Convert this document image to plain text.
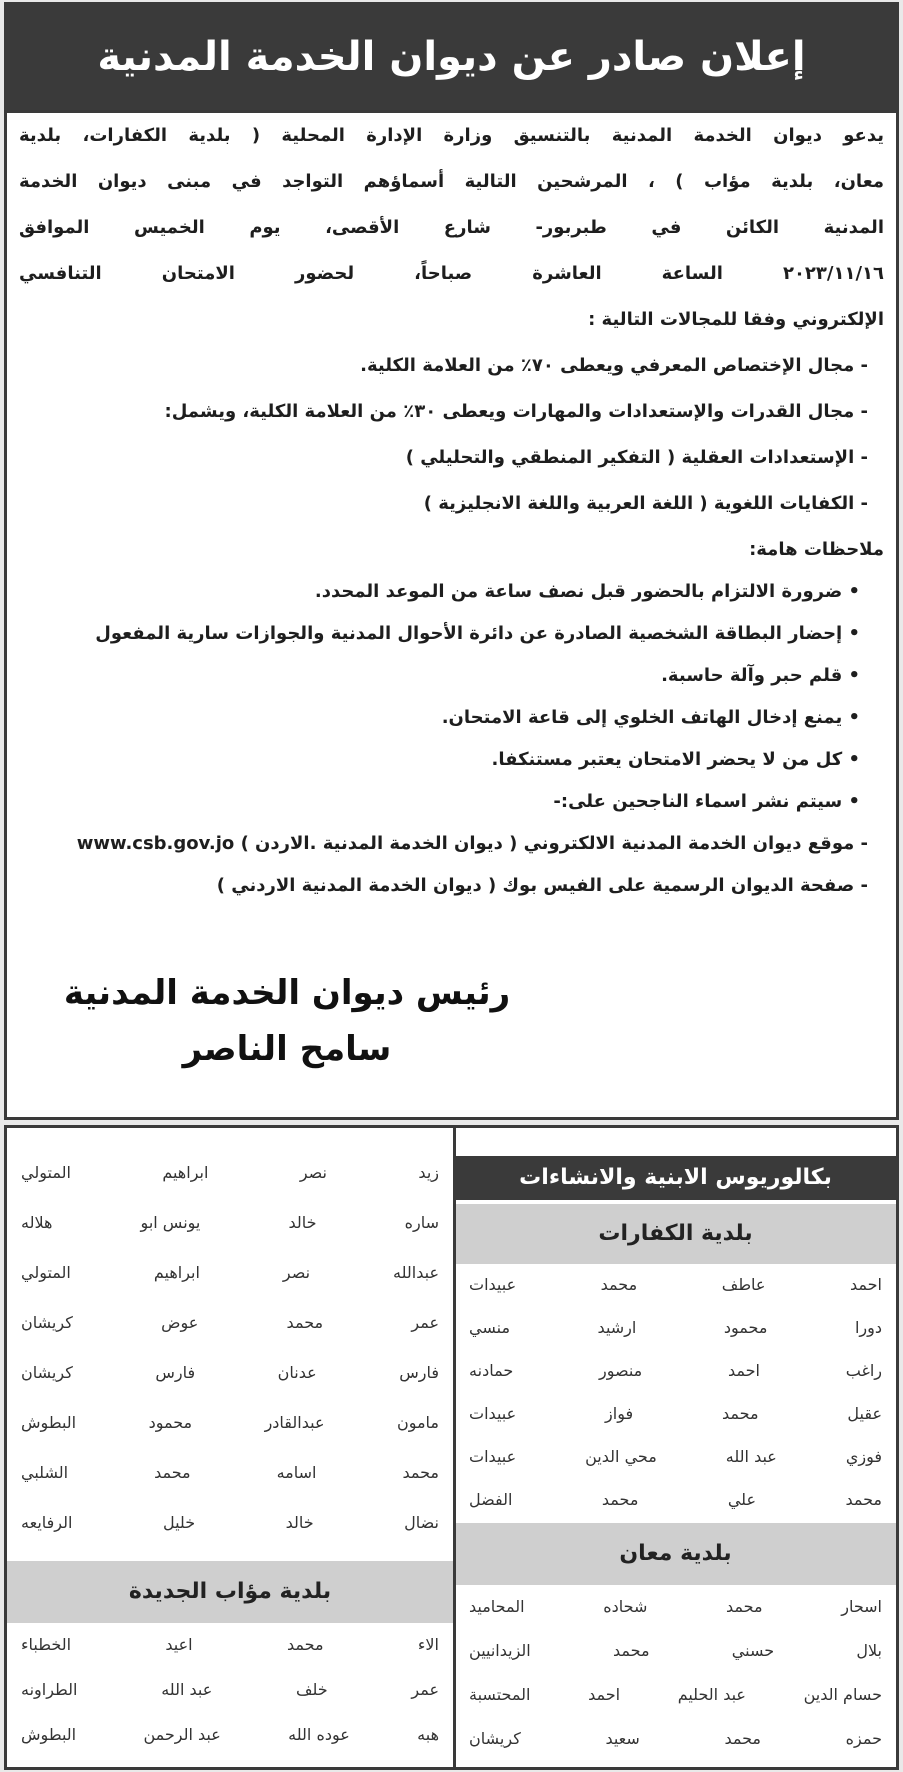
إعلان صادر عن ديوان الخدمة المدنية
يدعو ديوان الخدمة المدنية بالتنسيق وزارة الإدارة المحلية ( بلدية الكفارات، بلدية
معان، بلدية مؤاب ) ، المرشحين التالية أسماؤهم التواجد في مبنى ديوان الخدمة
المدنية الكائن في طبربور- شارع الأقصى، يوم الخميس الموافق
٢٠٢٣/١١/١٦ الساعة العاشرة صباحاً، لحضور الامتحان التنافسي
الإلكتروني وفقا للمجالات التالية :
- مجال الإختصاص المعرفي ويعطى ٧٠٪ من العلامة الكلية.
- مجال القدرات والإستعدادات والمهارات ويعطى ٣٠٪ من العلامة الكلية، ويشمل:
- الإستعدادات العقلية ( التفكير المنطقي والتحليلي )
- الكفايات اللغوية ( اللغة العربية واللغة الانجليزية )
ملاحظات هامة:
• ضرورة الالتزام بالحضور قبل نصف ساعة من الموعد المحدد.
• إحضار البطاقة الشخصية الصادرة عن دائرة الأحوال المدنية والجوازات سارية المفعول
• قلم حبر وآلة حاسبة.
• يمنع إدخال الهاتف الخلوي إلى قاعة الامتحان.
• كل من لا يحضر الامتحان يعتبر مستنكفا.
• سيتم نشر اسماء الناجحين على:-
- موقع ديوان الخدمة المدنية الالكتروني ( ديوان الخدمة المدنية .الاردن ) www.csb.gov.jo
- صفحة الديوان الرسمية على الفيس بوك ( ديوان الخدمة المدنية الاردني )
رئيس ديوان الخدمة المدنية
سامح الناصر
بكالوريوس الابنية والانشاءات
بلدية الكفارات
احمد
عاطف
محمد
عبيدات
دورا
محمود
ارشيد
منسي
راغب
احمد
منصور
حمادنه
عقيل
محمد
فواز
عبيدات
فوزي
عبد الله
محي الدين
عبيدات
محمد
علي
محمد
الفضل
بلدية معان
اسحار
محمد
شحاده
المحاميد
بلال
حسني
محمد
الزيدانيين
حسام الدين
عبد الحليم
احمد
المحتسبة
حمزه
محمد
سعيد
كريشان
زيد
نصر
ابراهيم
المتولي
ساره
خالد
يونس ابو
هلاله
عبدالله
نصر
ابراهيم
المتولي
عمر
محمد
عوض
كريشان
فارس
عدنان
فارس
كريشان
مامون
عبدالقادر
محمود
البطوش
محمد
اسامه
محمد
الشلبي
نضال
خالد
خليل
الرفايعه
بلدية مؤاب الجديدة
الاء
محمد
اعيد
الخطباء
عمر
خلف
عبد الله
الطراونه
هبه
عوده الله
عبد الرحمن
البطوش
